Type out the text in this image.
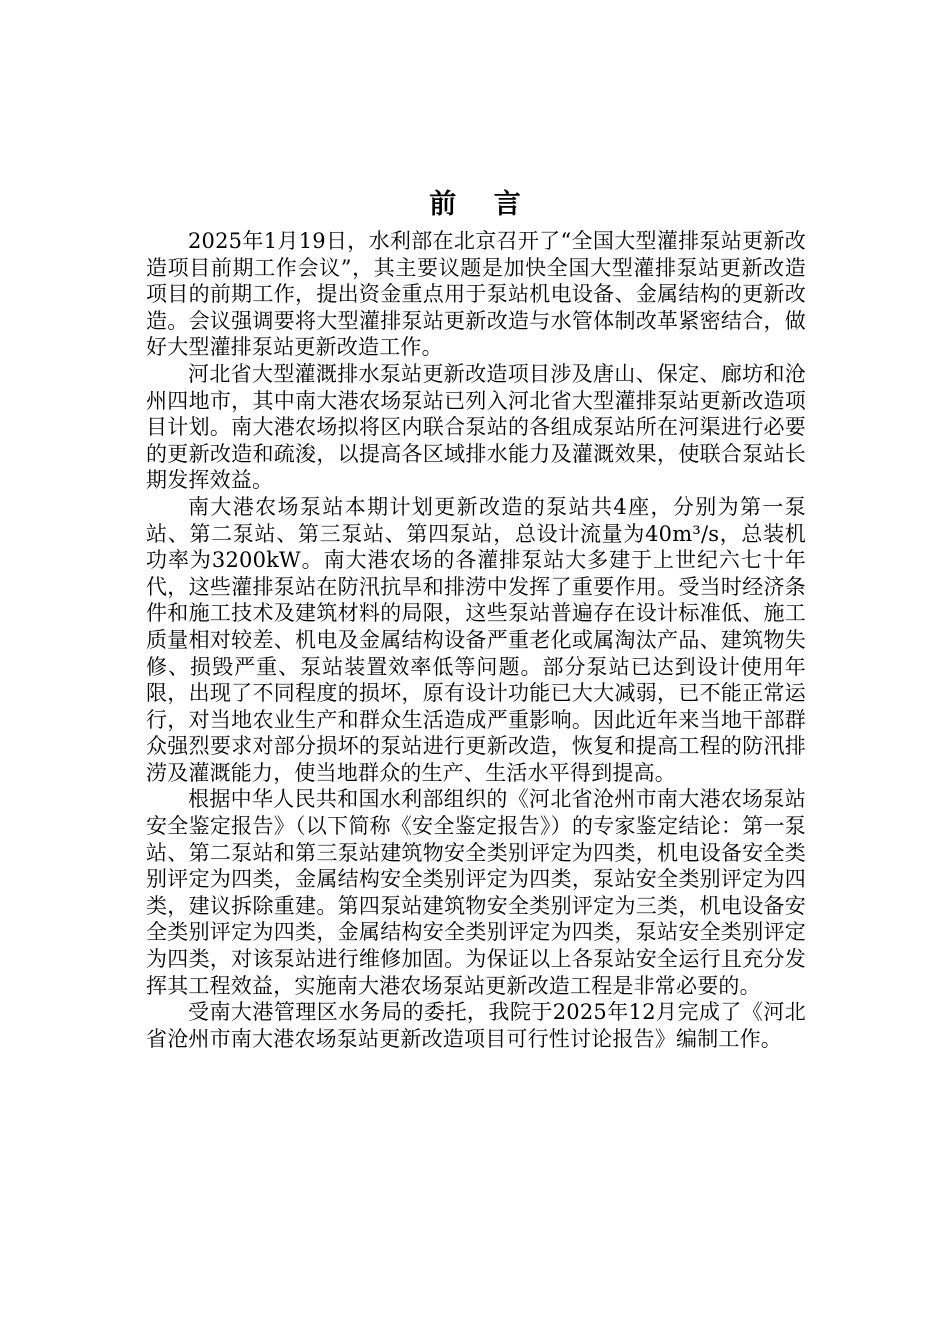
前 言

2025年1月19日，水利部在北京召开了“全国大型灌排泵站更新改造项目前期工作会议”，其主要议题是加快全国大型灌排泵站更新改造项目的前期工作，提出资金重点用于泵站机电设备、金属结构的更新改造。会议强调要将大型灌排泵站更新改造与水管体制改革紧密结合，做好大型灌排泵站更新改造工作。

河北省大型灌溉排水泵站更新改造项目涉及唐山、保定、廊坊和沧州四地市，其中南大港农场泵站已列入河北省大型灌排泵站更新改造项目计划。南大港农场拟将区内联合泵站的各组成泵站所在河渠进行必要的更新改造和疏浚，以提高各区域排水能力及灌溉效果，使联合泵站长期发挥效益。

南大港农场泵站本期计划更新改造的泵站共4座，分别为第一泵站、第二泵站、第三泵站、第四泵站，总设计流量为40m³/s，总装机功率为3200kW。南大港农场的各灌排泵站大多建于上世纪六七十年代，这些灌排泵站在防汛抗旱和排涝中发挥了重要作用。受当时经济条件和施工技术及建筑材料的局限，这些泵站普遍存在设计标准低、施工质量相对较差、机电及金属结构设备严重老化或属淘汰产品、建筑物失修、损毁严重、泵站装置效率低等问题。部分泵站已达到设计使用年限，出现了不同程度的损坏，原有设计功能已大大减弱，已不能正常运行，对当地农业生产和群众生活造成严重影响。因此近年来当地干部群众强烈要求对部分损坏的泵站进行更新改造，恢复和提高工程的防汛排涝及灌溉能力，使当地群众的生产、生活水平得到提高。

根据中华人民共和国水利部组织的《河北省沧州市南大港农场泵站安全鉴定报告》（以下简称《安全鉴定报告》）的专家鉴定结论：第一泵站、第二泵站和第三泵站建筑物安全类别评定为四类，机电设备安全类别评定为四类，金属结构安全类别评定为四类，泵站安全类别评定为四类，建议拆除重建。第四泵站建筑物安全类别评定为三类，机电设备安全类别评定为四类，金属结构安全类别评定为四类，泵站安全类别评定为四类，对该泵站进行维修加固。为保证以上各泵站安全运行且充分发挥其工程效益，实施南大港农场泵站更新改造工程是非常必要的。

受南大港管理区水务局的委托，我院于2025年12月完成了《河北省沧州市南大港农场泵站更新改造项目可行性讨论报告》编制工作。
